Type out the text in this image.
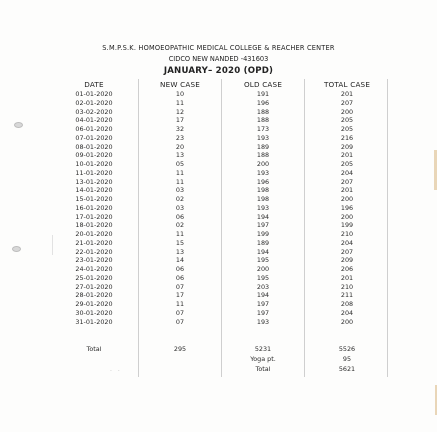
S.M.P.S.K. HOMOEOPATHIC MEDICAL COLLEGE & REACHER CENTER
CIDCO NEW NANDED -431603
JANUARY– 2020 (OPD)
DATE	NEW CASE	OLD CASE	TOTAL CASE
01-01-2020	10	191	201
02-01-2020	11	196	207
03-02-2020	12	188	200
04-01-2020	17	188	205
06-01-2020	32	173	205
07-01-2020	23	193	216
08-01-2020	20	189	209
09-01-2020	13	188	201
10-01-2020	05	200	205
11-01-2020	11	193	204
13-01-2020	11	196	207
14-01-2020	03	198	201
15-01-2020	02	198	200
16-01-2020	03	193	196
17-01-2020	06	194	200
18-01-2020	02	197	199
20-01-2020	11	199	210
21-01-2020	15	189	204
22-01-2020	13	194	207
23-01-2020	14	195	209
24-01-2020	06	200	206
25-01-2020	06	195	201
27-01-2020	07	203	210
28-01-2020	17	194	211
29-01-2020	11	197	208
30-01-2020	07	197	204
31-01-2020	07	193	200
Total	295	5231	5526
Yoga pt.	95
Total	5621
· ·
